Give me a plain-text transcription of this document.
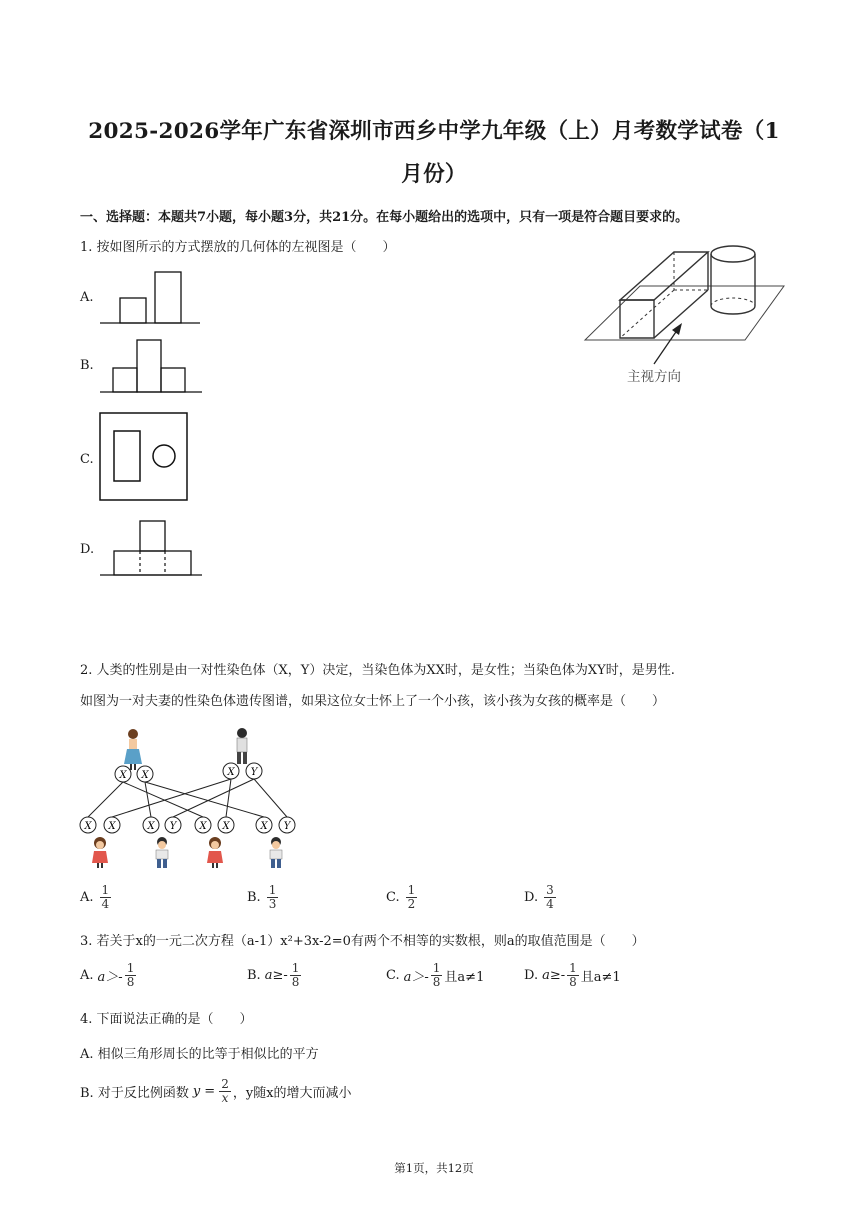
2025-2026学年广东省深圳市西乡中学九年级（上）月考数学试卷（1
月份）
一、选择题：本题共7小题，每小题3分，共21分。在每小题给出的选项中，只有一项是符合题目要求的。
1. 按如图所示的方式摆放的几何体的左视图是（　　）
A.
B.
C.
D.
主视方向
2. 人类的性别是由一对性染色体（X，Y）决定，当染色体为XX时，是女性；当染色体为XY时，是男性.
如图为一对夫妻的性染色体遗传图谱，如果这位女士怀上了一个小孩，该小孩为女孩的概率是（　　）
X X	X Y
X X	X Y X X	X Y
A. $\frac{1}{4}$	B. $\frac{1}{3}$	C. $\frac{1}{2}$	D. $\frac{3}{4}$
3. 若关于x的一元二次方程（a-1）x²+3x-2=0有两个不相等的实数根，则a的取值范围是（　　）
A. $a>- \frac{1}{8}$	B. $a\ge- \frac{1}{8}$	C. $a>- \frac{1}{8}$ 且a≠1	D. $a\ge- \frac{1}{8}$ 且a≠1
4. 下面说法正确的是（　　）
A. 相似三角形周长的比等于相似比的平方
B. 对于反比例函数 $y = \frac{2}{x}$ ，y随x的增大而减小
第1页，共12页
